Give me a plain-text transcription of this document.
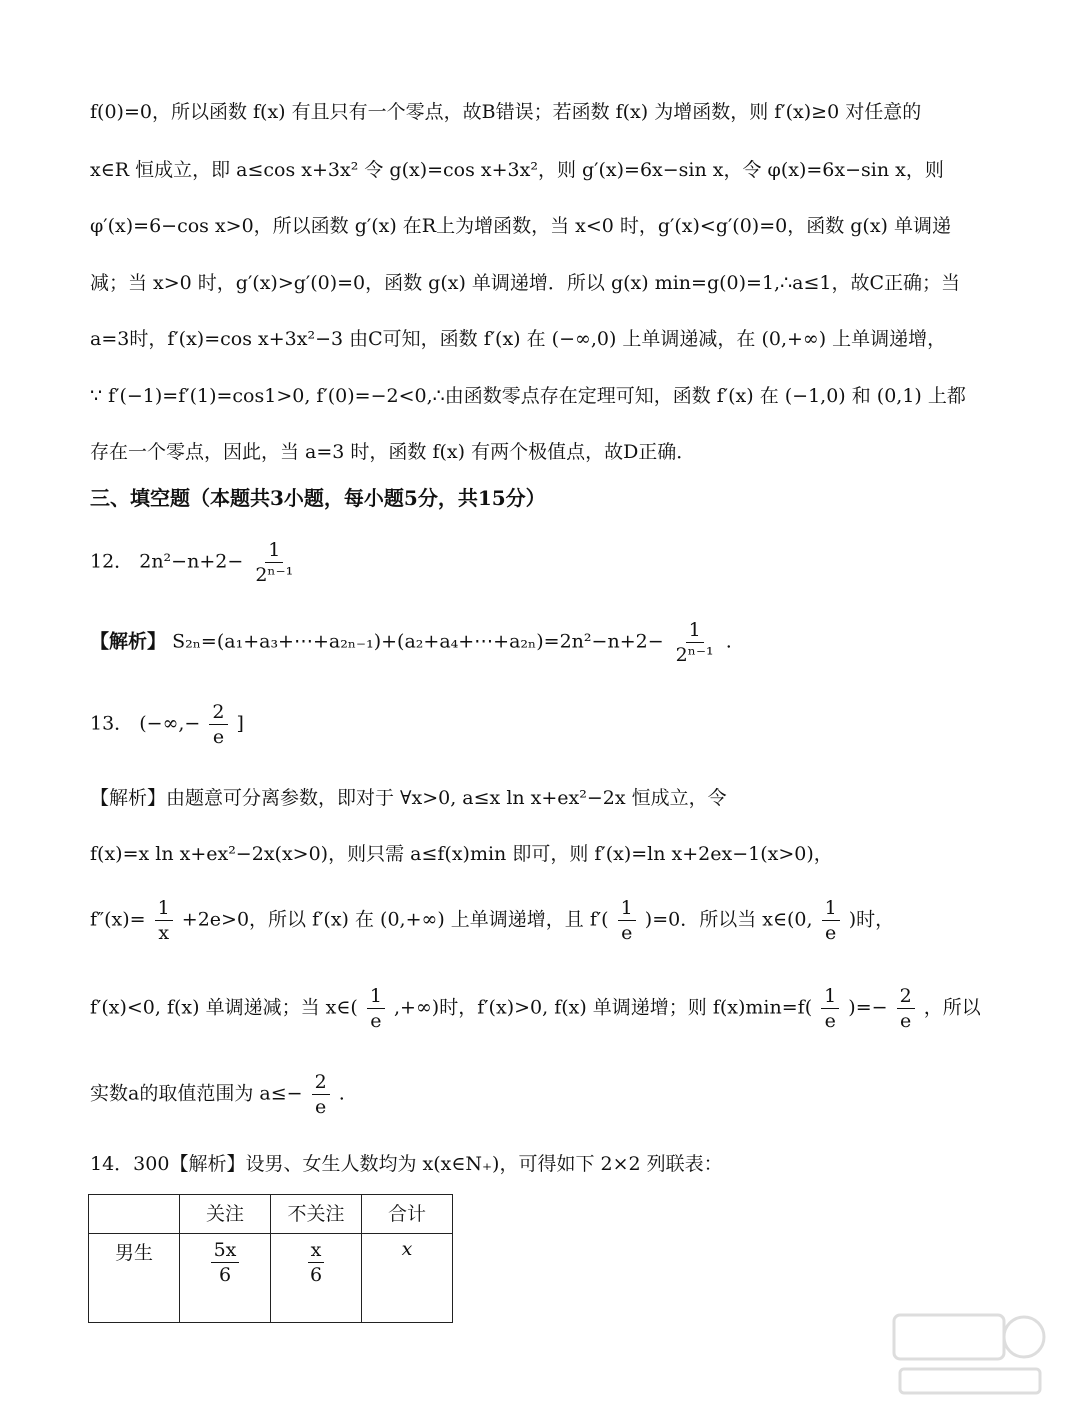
f(0)=0，所以函数 f(x) 有且只有一个零点，故B错误；若函数 f(x) 为增函数，则 f′(x)≥0 对任意的
x∈R 恒成立，即 a≤cos x+3x² 令 g(x)=cos x+3x²，则 g′(x)=6x−sin x，令 φ(x)=6x−sin x，则
φ′(x)=6−cos x>0，所以函数 g′(x) 在R上为增函数，当 x<0 时，g′(x)<g′(0)=0，函数 g(x) 单调递
减；当 x>0 时，g′(x)>g′(0)=0，函数 g(x) 单调递增．所以 g(x) min=g(0)=1,∴a≤1，故C正确；当
a=3时，f′(x)=cos x+3x²−3 由C可知，函数 f′(x) 在 (−∞,0) 上单调递减，在 (0,+∞) 上单调递增，
∵ f′(−1)=f′(1)=cos1>0, f′(0)=−2<0,∴由函数零点存在定理可知，函数 f′(x) 在 (−1,0) 和 (0,1) 上都
存在一个零点，因此，当 a=3 时，函数 f(x) 有两个极值点，故D正确．
三、填空题（本题共3小题，每小题5分，共15分）
12． $2n^2-n+2- \frac{1}{\text{2ⁿ⁻¹}}$
【解析】 S₂ₙ=(a₁+a₃+⋯+a₂ₙ₋₁)+(a₂+a₄+⋯+a₂ₙ)=2n²−n+2− $\frac{1}{\text{2ⁿ⁻¹}}$ .
13． (−∞,− $\frac{2}{e}$ ]
【解析】由题意可分离参数，即对于 ∀x>0, a≤x ln x+ex²−2x 恒成立，令
f(x)=x ln x+ex²−2x(x>0)，则只需 a≤f(x)min 即可，则 f′(x)=ln x+2ex−1(x>0)，
$f''(x)= \frac{1}{x} +2e>0$，所以 f′(x) 在 (0,+∞) 上单调递增，且 $f'( \frac{1}{e} )=0$．所以当 x∈(0, $\frac{1}{e}$ )时，
f′(x)<0, f(x) 单调递减；当 x∈( $\frac{1}{e}$ ,+∞)时，f′(x)>0, f(x) 单调递增；则 $f(x)\min=f( \frac{1}{e}$ )=− $\frac{2}{e}$ ，所以
实数a的取值范围为 $a\le- \frac{2}{e}$ .
14．300【解析】设男、女生人数均为 x(x∈N₊)，可得如下 2×2 列联表：
	关注	不关注	合计
男生	$\frac{5x}{6}$	$\frac{x}{6}$	x
